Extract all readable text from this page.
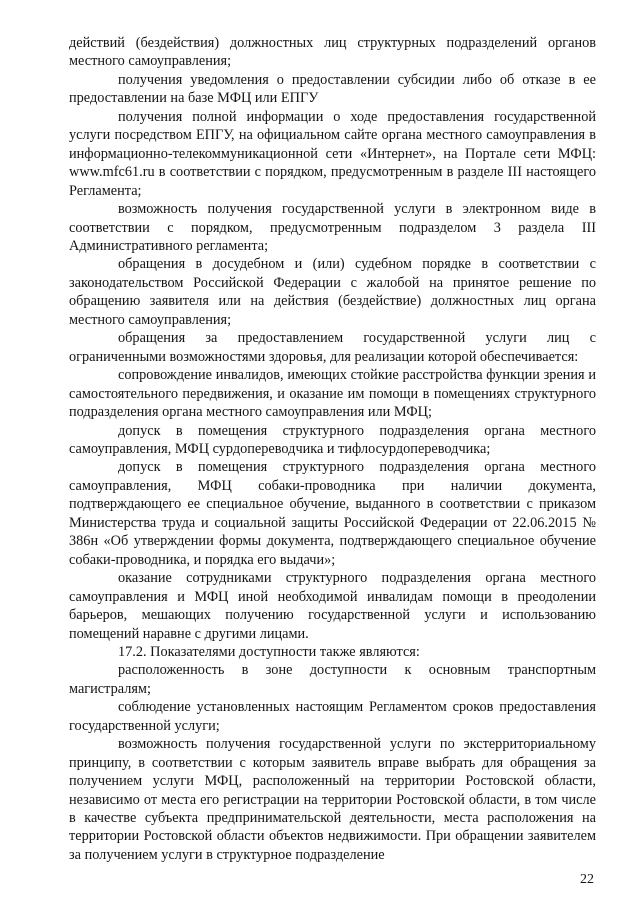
действий (бездействия) должностных лиц структурных подразделений органов местного самоуправления;

получения уведомления о предоставлении субсидии либо об отказе в ее предоставлении на базе МФЦ или ЕПГУ

получения полной информации о ходе предоставления государственной услуги посредством ЕПГУ, на официальном сайте органа местного самоуправления в информационно-телекоммуникационной сети «Интернет», на Портале сети МФЦ: www.mfc61.ru в соответствии с порядком, предусмотренным в разделе III настоящего Регламента;

возможность получения государственной услуги в электронном виде в соответствии с порядком, предусмотренным подразделом 3 раздела III Административного регламента;

обращения в досудебном и (или) судебном порядке в соответствии с законодательством Российской Федерации с жалобой на принятое решение по обращению заявителя или на действия (бездействие) должностных лиц органа местного самоуправления;

обращения за предоставлением государственной услуги лиц с ограниченными возможностями здоровья, для реализации которой обеспечивается:

сопровождение инвалидов, имеющих стойкие расстройства функции зрения и самостоятельного передвижения, и оказание им помощи в помещениях структурного подразделения органа местного самоуправления или МФЦ;

допуск в помещения структурного подразделения органа местного самоуправления, МФЦ сурдопереводчика и тифлосурдопереводчика;

допуск в помещения структурного подразделения органа местного самоуправления, МФЦ собаки-проводника при наличии документа, подтверждающего ее специальное обучение, выданного в соответствии с приказом Министерства труда и социальной защиты Российской Федерации от 22.06.2015 № 386н «Об утверждении формы документа, подтверждающего специальное обучение собаки-проводника, и порядка его выдачи»;

оказание сотрудниками структурного подразделения органа местного самоуправления и МФЦ иной необходимой инвалидам помощи в преодолении барьеров, мешающих получению государственной услуги и использованию помещений наравне с другими лицами.

17.2. Показателями доступности также являются:

расположенность в зоне доступности к основным транспортным магистралям;

соблюдение установленных настоящим Регламентом сроков предоставления государственной услуги;

возможность получения государственной услуги по экстерриториальному принципу, в соответствии с которым заявитель вправе выбрать для обращения за получением услуги МФЦ, расположенный на территории Ростовской области, независимо от места его регистрации на территории Ростовской области, в том числе в качестве субъекта предпринимательской деятельности, места расположения на территории Ростовской области объектов недвижимости. При обращении заявителем за получением услуги в структурное подразделение

22
